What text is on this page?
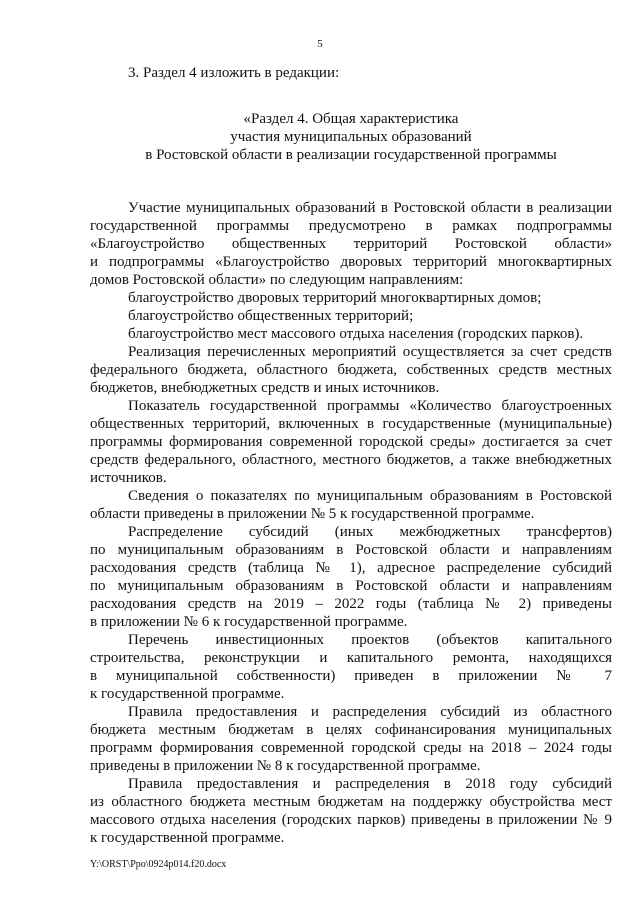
5
3. Раздел 4 изложить в редакции:
«Раздел 4. Общая характеристика
участия муниципальных образований
в Ростовской области в реализации государственной программы
Участие муниципальных образований в Ростовской области в реализации
государственной программы предусмотрено в рамках подпрограммы
«Благоустройство общественных территорий Ростовской области»
и подпрограммы «Благоустройство дворовых территорий многоквартирных
домов Ростовской области» по следующим направлениям:

благоустройство дворовых территорий многоквартирных домов;

благоустройство общественных территорий;

благоустройство мест массового отдыха населения (городских парков).

Реализация перечисленных мероприятий осуществляется за счет средств
федерального бюджета, областного бюджета, собственных средств местных
бюджетов, внебюджетных средств и иных источников.
Показатель государственной программы «Количество благоустроенных
общественных территорий, включенных в государственные (муниципальные)
программы формирования современной городской среды» достигается за счет
средств федерального, областного, местного бюджетов, а также внебюджетных
источников.
Сведения о показателях по муниципальным образованиям в Ростовской
области приведены в приложении № 5 к государственной программе.
Распределение субсидий (иных межбюджетных трансфертов)
по муниципальным образованиям в Ростовской области и направлениям
расходования средств (таблица № 1), адресное распределение субсидий
по муниципальным образованиям в Ростовской области и направлениям
расходования средств на 2019 – 2022 годы (таблица № 2) приведены
в приложении № 6 к государственной программе.
Перечень инвестиционных проектов (объектов капитального
строительства, реконструкции и капитального ремонта, находящихся
в муниципальной собственности) приведен в приложении № 7
к государственной программе.
Правила предоставления и распределения субсидий из областного
бюджета местным бюджетам в целях софинансирования муниципальных
программ формирования современной городской среды на 2018 – 2024 годы
приведены в приложении № 8 к государственной программе.
Правила предоставления и распределения в 2018 году субсидий
из областного бюджета местным бюджетам на поддержку обустройства мест
массового отдыха населения (городских парков) приведены в приложении № 9
к государственной программе.
Y:\ORST\Ppo\0924p014.f20.docx
